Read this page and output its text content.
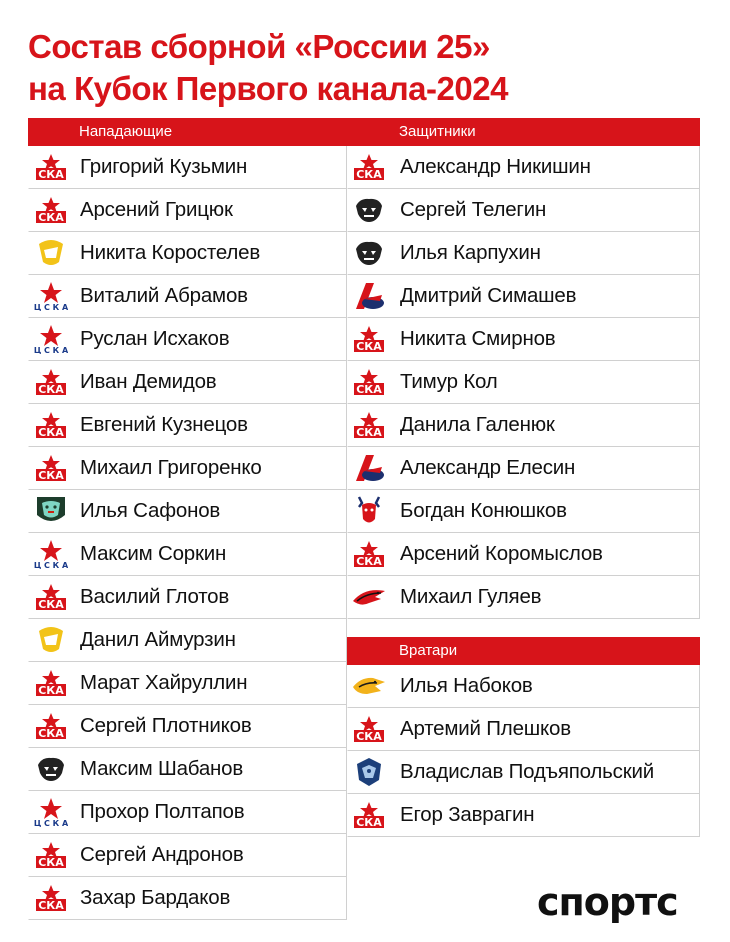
Состав сборной «России 25»
на Кубок Первого канала-2024
Нападающие
СКА Григорий Кузьмин
СКА Арсений Грицюк
Никита Коростелев
Ц С К А
Виталий Абрамов
Ц С К А
Руслан Исхаков
СКА Иван Демидов
СКА Евгений Кузнецов
СКА Михаил Григоренко
Илья Сафонов
Ц С К А
Максим Соркин
СКА Василий Глотов
Данил Аймурзин
СКА Марат Хайруллин
СКА Сергей Плотников
Максим Шабанов
Ц С К А
Прохор Полтапов
СКА Сергей Андронов
СКА Захар Бардаков
Защитники
СКА Александр Никишин
Сергей Телегин
Илья Карпухин
Дмитрий Симашев
СКА Никита Смирнов
СКА Тимур Кол
СКА Данила Галенюк
Александр Елесин
Богдан Конюшков
СКА Арсений Коромыслов
Михаил Гуляев
Вратари
Илья Набоков
СКА Артемий Плешков
Владислав Подъяпольский
СКА Егор Заврагин
спортс
